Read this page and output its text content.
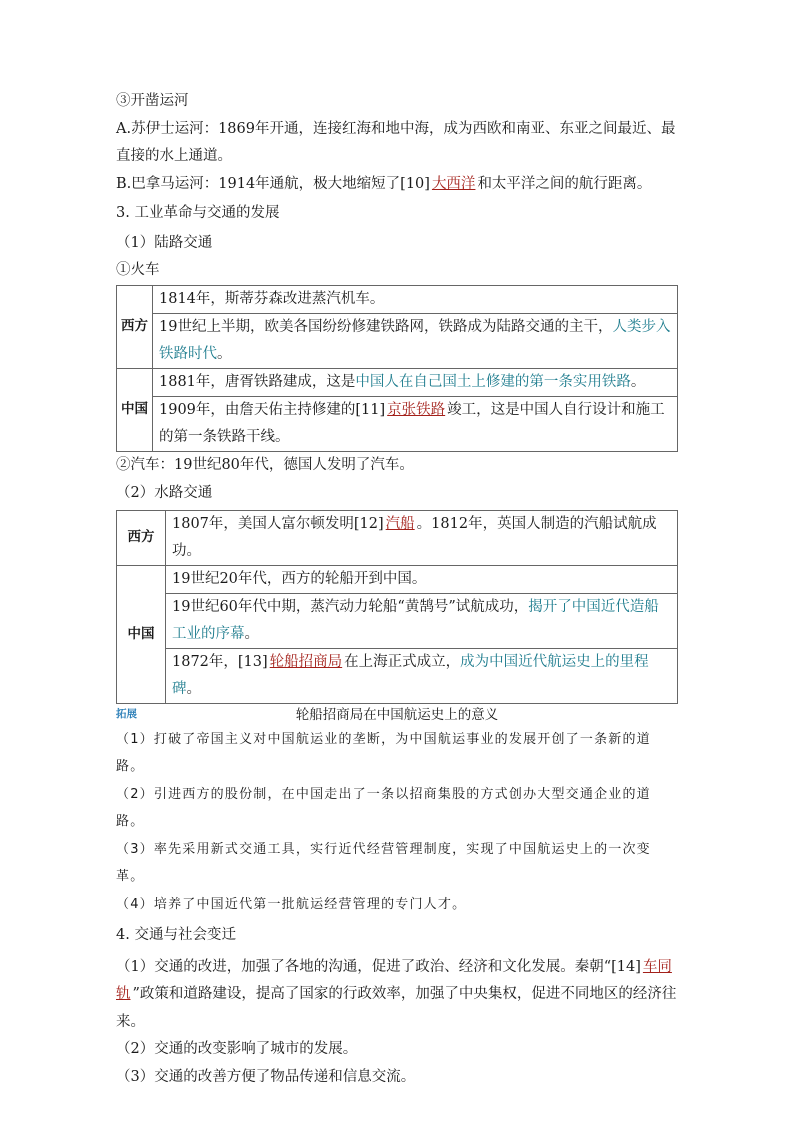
③开凿运河

A.苏伊士运河：1869年开通，连接红海和地中海，成为西欧和南亚、东亚之间最近、最直接的水上通道。

B.巴拿马运河：1914年通航，极大地缩短了[10] 大西洋 和太平洋之间的航行距离。

3. 工业革命与交通的发展

（1）陆路交通

①火车

西方	1814年，斯蒂芬森改进蒸汽机车。
	19世纪上半期，欧美各国纷纷修建铁路网，铁路成为陆路交通的主干，人类步入铁路时代。
中国	1881年，唐胥铁路建成，这是中国人在自己国土上修建的第一条实用铁路。
	1909年，由詹天佑主持修建的[11] 京张铁路 竣工，这是中国人自行设计和施工的第一条铁路干线。

②汽车：19世纪80年代，德国人发明了汽车。

（2）水路交通

西方	1807年，美国人富尔顿发明[12] 汽船 。1812年，英国人制造的汽船试航成功。
中国	19世纪20年代，西方的轮船开到中国。
	19世纪60年代中期，蒸汽动力轮船“黄鹄号”试航成功，揭开了中国近代造船工业的序幕。
	1872年，[13] 轮船招商局 在上海正式成立，成为中国近代航运史上的里程碑。
拓展	轮船招商局在中国航运史上的意义

（1）打破了帝国主义对中国航运业的垄断，为中国航运事业的发展开创了一条新的道路。

（2）引进西方的股份制，在中国走出了一条以招商集股的方式创办大型交通企业的道路。

（3）率先采用新式交通工具，实行近代经营管理制度，实现了中国航运史上的一次变革。

（4）培养了中国近代第一批航运经营管理的专门人才。

4. 交通与社会变迁

（1）交通的改进，加强了各地的沟通，促进了政治、经济和文化发展。秦朝“[14] 车同轨 ”政策和道路建设，提高了国家的行政效率，加强了中央集权，促进不同地区的经济往来。

（2）交通的改变影响了城市的发展。

（3）交通的改善方便了物品传递和信息交流。
